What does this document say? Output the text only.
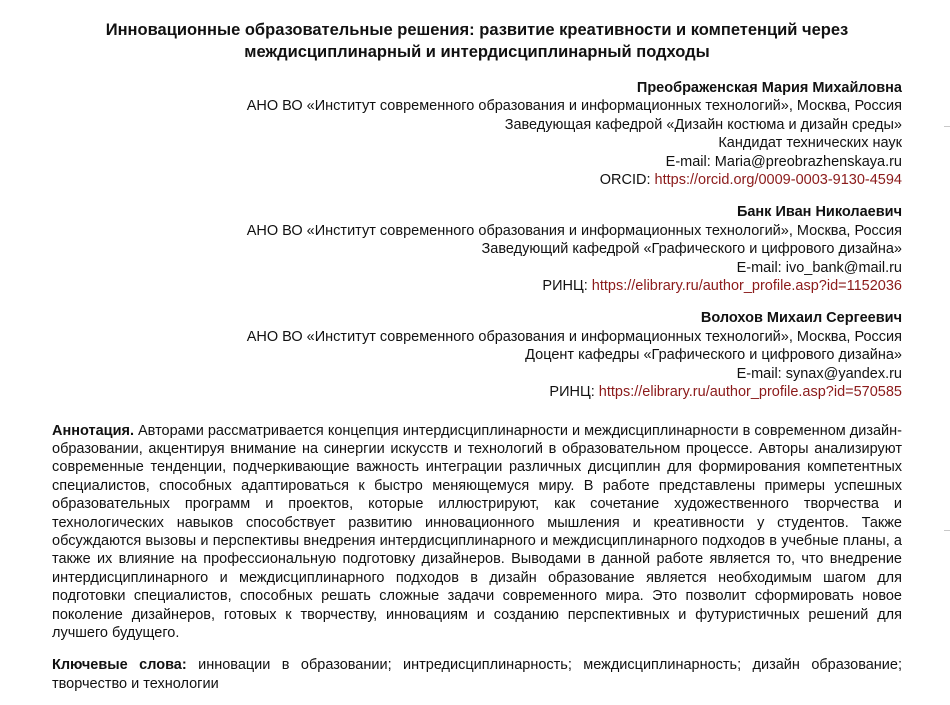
Инновационные образовательные решения: развитие креативности и компетенций через междисциплинарный и интердисциплинарный подходы
Преображенская Мария Михайловна
АНО ВО «Институт современного образования и информационных технологий», Москва, Россия
Заведующая кафедрой «Дизайн костюма и дизайн среды»
Кандидат технических наук
E-mail: Maria@preobrazhenskaya.ru
ORCID: https://orcid.org/0009-0003-9130-4594
Банк Иван Николаевич
АНО ВО «Институт современного образования и информационных технологий», Москва, Россия
Заведующий кафедрой «Графического и цифрового дизайна»
E-mail: ivo_bank@mail.ru
РИНЦ: https://elibrary.ru/author_profile.asp?id=1152036
Волохов Михаил Сергеевич
АНО ВО «Институт современного образования и информационных технологий», Москва, Россия
Доцент кафедры «Графического и цифрового дизайна»
E-mail: synax@yandex.ru
РИНЦ: https://elibrary.ru/author_profile.asp?id=570585
Аннотация. Авторами рассматривается концепция интердисциплинарности и междисциплинарности в современном дизайн-образовании, акцентируя внимание на синергии искусств и технологий в образовательном процессе. Авторы анализируют современные тенденции, подчеркивающие важность интеграции различных дисциплин для формирования компетентных специалистов, способных адаптироваться к быстро меняющемуся миру. В работе представлены примеры успешных образовательных программ и проектов, которые иллюстрируют, как сочетание художественного творчества и технологических навыков способствует развитию инновационного мышления и креативности у студентов. Также обсуждаются вызовы и перспективы внедрения интердисциплинарного и междисциплинарного подходов в учебные планы, а также их влияние на профессиональную подготовку дизайнеров. Выводами в данной работе является то, что внедрение интердисциплинарного и междисциплинарного подходов в дизайн образование является необходимым шагом для подготовки специалистов, способных решать сложные задачи современного мира. Это позволит сформировать новое поколение дизайнеров, готовых к творчеству, инновациям и созданию перспективных и футуристичных решений для лучшего будущего.
Ключевые слова: инновации в образовании; интредисциплинарность; междисциплинарность; дизайн образование; творчество и технологии
